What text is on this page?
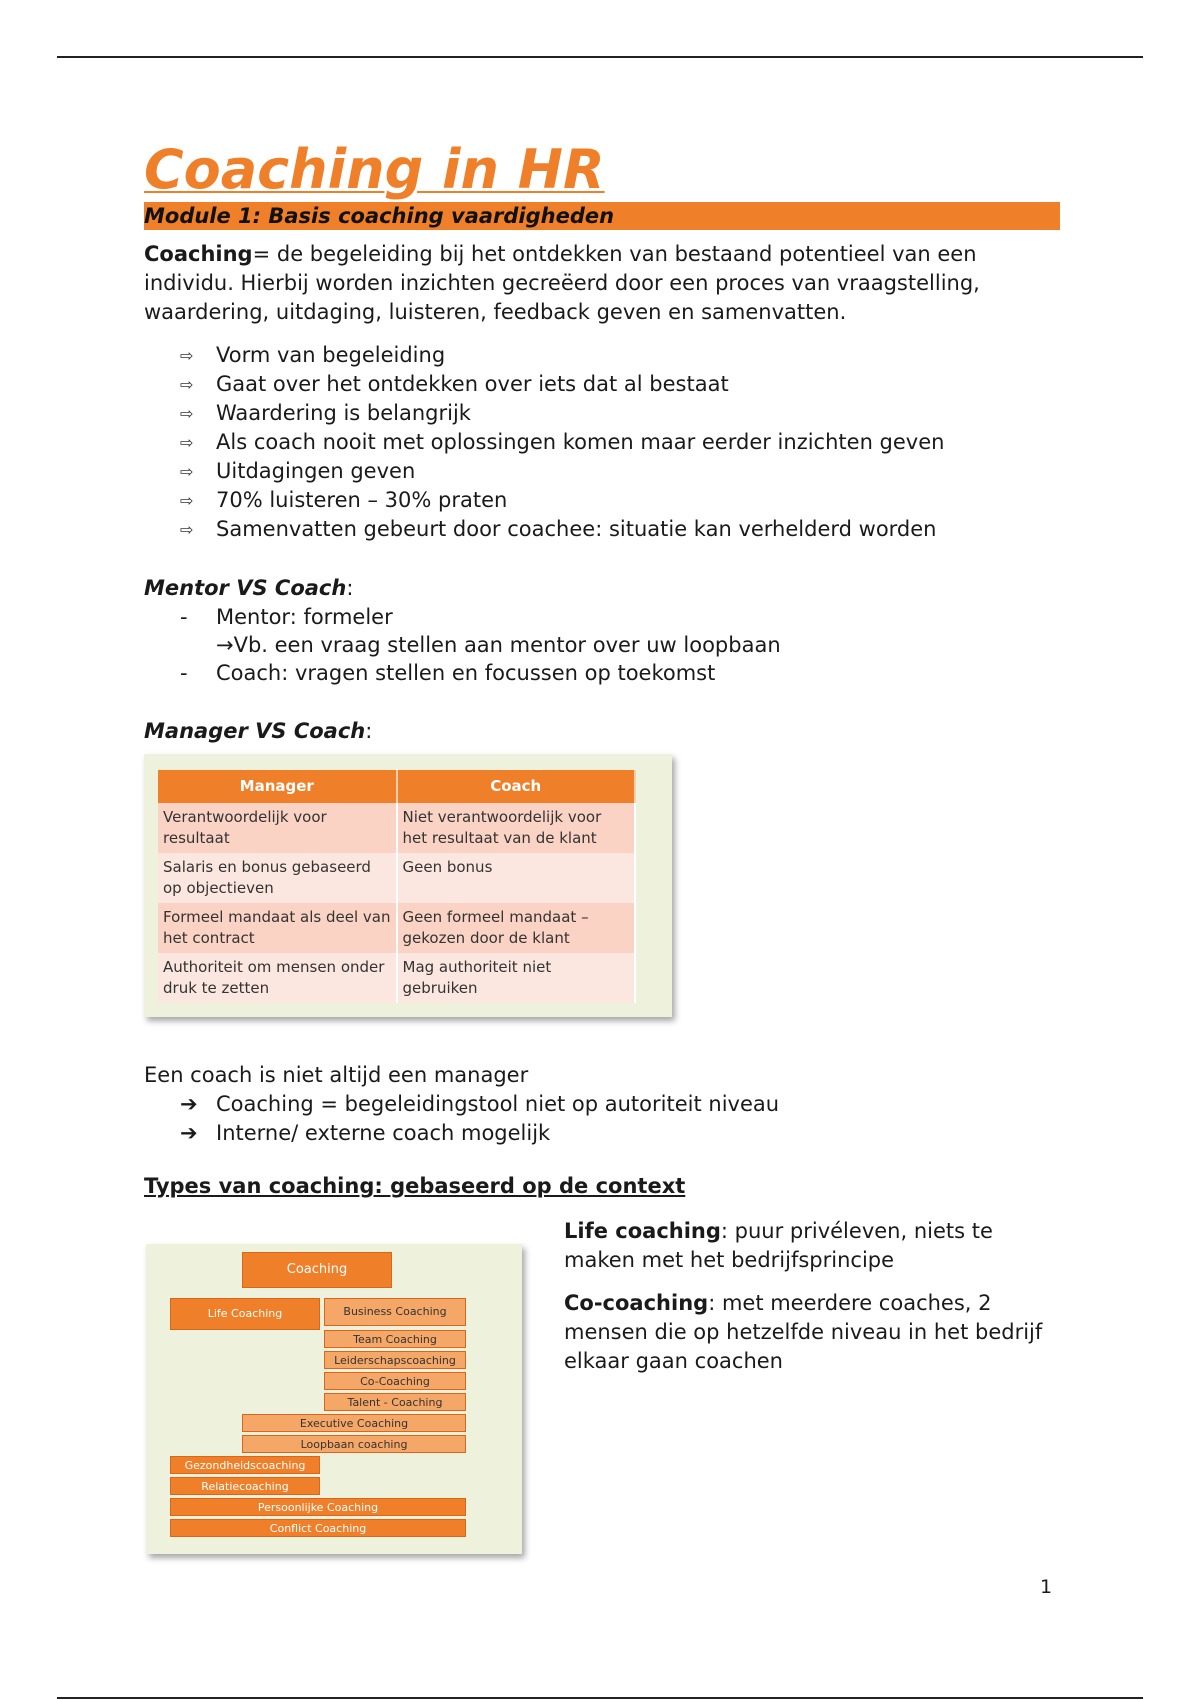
Coaching in HR
Module 1: Basis coaching vaardigheden

Coaching= de begeleiding bij het ontdekken van bestaand potentieel van een individu. Hierbij worden inzichten gecreëerd door een proces van vraagstelling, waardering, uitdaging, luisteren, feedback geven en samenvatten.

⇨ Vorm van begeleiding
⇨ Gaat over het ontdekken over iets dat al bestaat
⇨ Waardering is belangrijk
⇨ Als coach nooit met oplossingen komen maar eerder inzichten geven
⇨ Uitdagingen geven
⇨ 70% luisteren – 30% praten
⇨ Samenvatten gebeurt door coachee: situatie kan verhelderd worden

Mentor VS Coach:

- Mentor: formeler
→Vb. een vraag stellen aan mentor over uw loopbaan
- Coach: vragen stellen en focussen op toekomst

Manager VS Coach:

Manager	Coach
Verantwoordelijk voor resultaat	Niet verantwoordelijk voor het resultaat van de klant
Salaris en bonus gebaseerd op objectieven	Geen bonus
Formeel mandaat als deel van het contract	Geen formeel mandaat – gekozen door de klant
Authoriteit om mensen onder druk te zetten	Mag authoriteit niet gebruiken

Een coach is niet altijd een manager

➔ Coaching = begeleidingstool niet op autoriteit niveau
➔ Interne/ externe coach mogelijk
Types van coaching: gebaseerd op de context
Coaching
Life Coaching	Business Coaching
Team Coaching
Leiderschapscoaching
Co-Coaching
Talent - Coaching
Executive Coaching
Loopbaan coaching
Gezondheidscoaching
Relatiecoaching
Persoonlijke Coaching
Conflict Coaching

Life coaching: puur privéleven, niets te maken met het bedrijfsprincipe

Co-coaching: met meerdere coaches, 2 mensen die op hetzelfde niveau in het bedrijf elkaar gaan coachen

1
